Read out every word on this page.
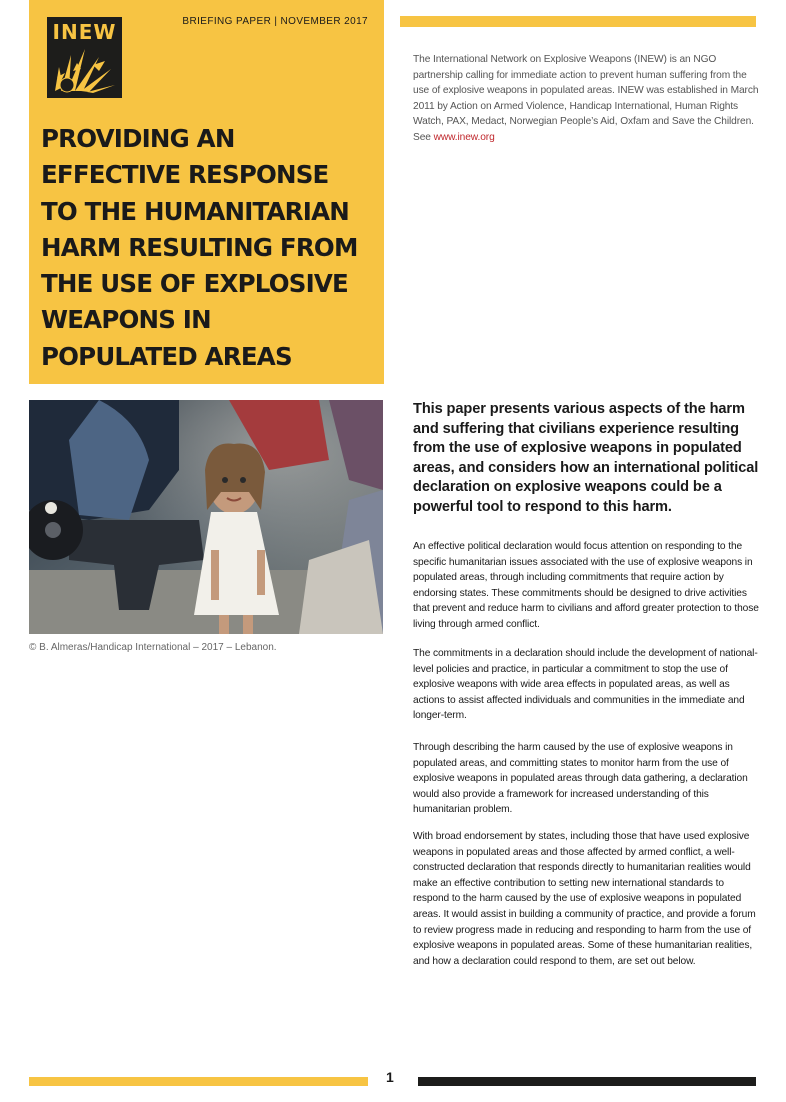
INEW	BRIEFING PAPER | NOVEMBER 2017
PROVIDING AN EFFECTIVE RESPONSE TO THE HUMANITARIAN HARM RESULTING FROM THE USE OF EXPLOSIVE WEAPONS IN POPULATED AREAS

The International Network on Explosive Weapons (INEW) is an NGO partnership calling for immediate action to prevent human suffering from the use of explosive weapons in populated areas. INEW was established in March 2011 by Action on Armed Violence, Handicap International, Human Rights Watch, PAX, Medact, Norwegian People’s Aid, Oxfam and Save the Children. See www.inew.org

© B. Almeras/Handicap International – 2017 – Lebanon.

This paper presents various aspects of the harm and suffering that civilians experience resulting from the use of explosive weapons in populated areas, and considers how an international political declaration on explosive weapons could be a powerful tool to respond to this harm.

An effective political declaration would focus attention on responding to the specific humanitarian issues associated with the use of explosive weapons in populated areas, through including commitments that require action by endorsing states. These commitments should be designed to drive activities that prevent and reduce harm to civilians and afford greater protection to those living through armed conflict.

The commitments in a declaration should include the development of national-level policies and practice, in particular a commitment to stop the use of explosive weapons with wide area effects in populated areas, as well as actions to assist affected individuals and communities in the immediate and longer-term.

Through describing the harm caused by the use of explosive weapons in populated areas, and committing states to monitor harm from the use of explosive weapons in populated areas through data gathering, a declaration would also provide a framework for increased understanding of this humanitarian problem.

With broad endorsement by states, including those that have used explosive weapons in populated areas and those affected by armed conflict, a well-constructed declaration that responds directly to humanitarian realities would make an effective contribution to setting new international standards to respond to the harm caused by the use of explosive weapons in populated areas. It would assist in building a community of practice, and provide a forum to review progress made in reducing and responding to harm from the use of explosive weapons in populated areas. Some of these humanitarian realities, and how a declaration could respond to them, are set out below.

1
